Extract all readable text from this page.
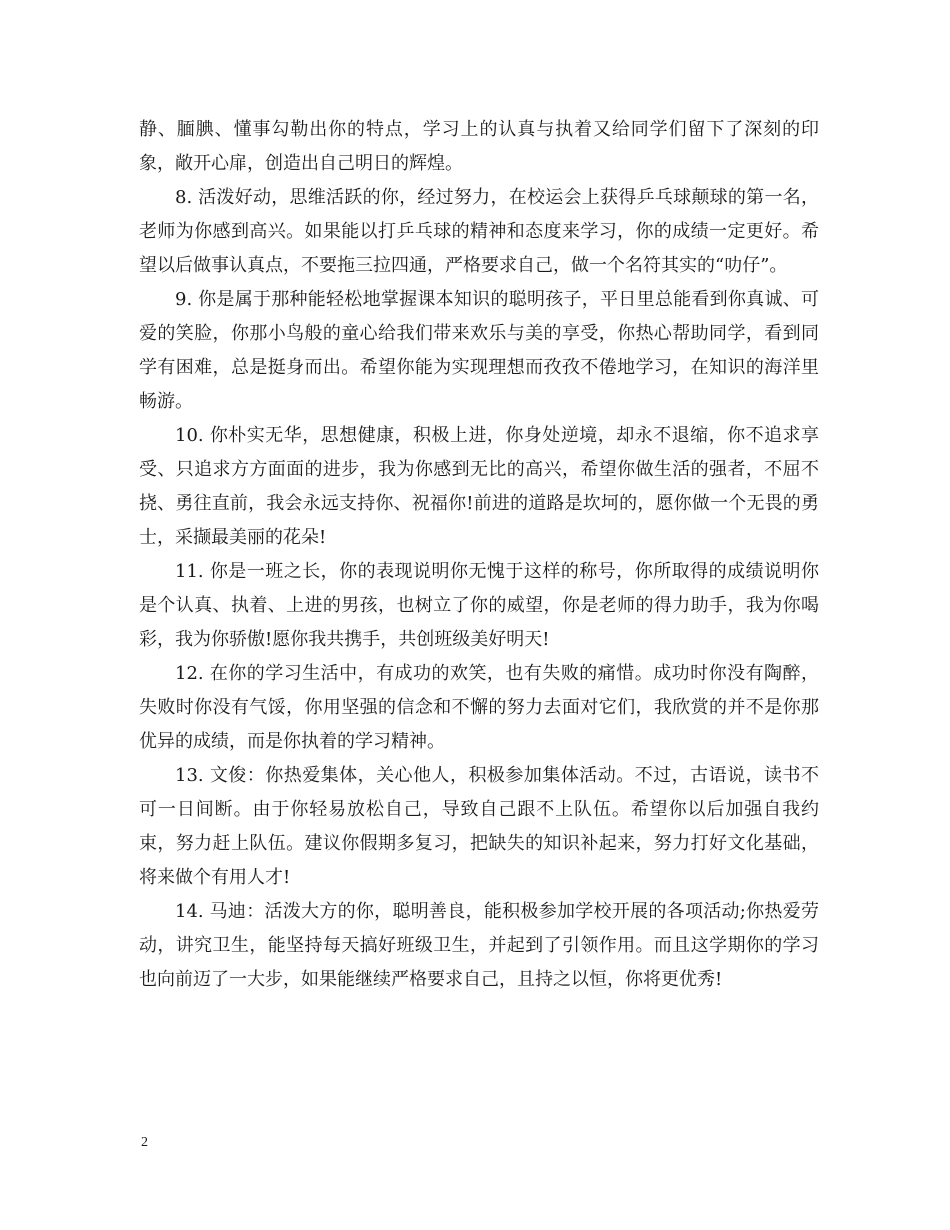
静、腼腆、懂事勾勒出你的特点，学习上的认真与执着又给同学们留下了深刻的印象，敞开心扉，创造出自己明日的辉煌。

8. 活泼好动，思维活跃的你，经过努力，在校运会上获得乒乓球颠球的第一名，老师为你感到高兴。如果能以打乒乓球的精神和态度来学习，你的成绩一定更好。希望以后做事认真点，不要拖三拉四通，严格要求自己，做一个名符其实的“叻仔”。

9. 你是属于那种能轻松地掌握课本知识的聪明孩子，平日里总能看到你真诚、可爱的笑脸，你那小鸟般的童心给我们带来欢乐与美的享受，你热心帮助同学，看到同学有困难，总是挺身而出。希望你能为实现理想而孜孜不倦地学习，在知识的海洋里畅游。

10. 你朴实无华，思想健康，积极上进，你身处逆境，却永不退缩，你不追求享受、只追求方方面面的进步，我为你感到无比的高兴，希望你做生活的强者，不屈不挠、勇往直前，我会永远支持你、祝福你!前进的道路是坎坷的，愿你做一个无畏的勇士，采撷最美丽的花朵!

11. 你是一班之长，你的表现说明你无愧于这样的称号，你所取得的成绩说明你是个认真、执着、上进的男孩，也树立了你的威望，你是老师的得力助手，我为你喝彩，我为你骄傲!愿你我共携手，共创班级美好明天!

12. 在你的学习生活中，有成功的欢笑，也有失败的痛惜。成功时你没有陶醉，失败时你没有气馁，你用坚强的信念和不懈的努力去面对它们，我欣赏的并不是你那优异的成绩，而是你执着的学习精神。

13. 文俊：你热爱集体，关心他人，积极参加集体活动。不过，古语说，读书不可一日间断。由于你轻易放松自己，导致自己跟不上队伍。希望你以后加强自我约束，努力赶上队伍。建议你假期多复习，把缺失的知识补起来，努力打好文化基础，将来做个有用人才!

14. 马迪：活泼大方的你，聪明善良，能积极参加学校开展的各项活动;你热爱劳动，讲究卫生，能坚持每天搞好班级卫生，并起到了引领作用。而且这学期你的学习也向前迈了一大步，如果能继续严格要求自己，且持之以恒，你将更优秀!

2
